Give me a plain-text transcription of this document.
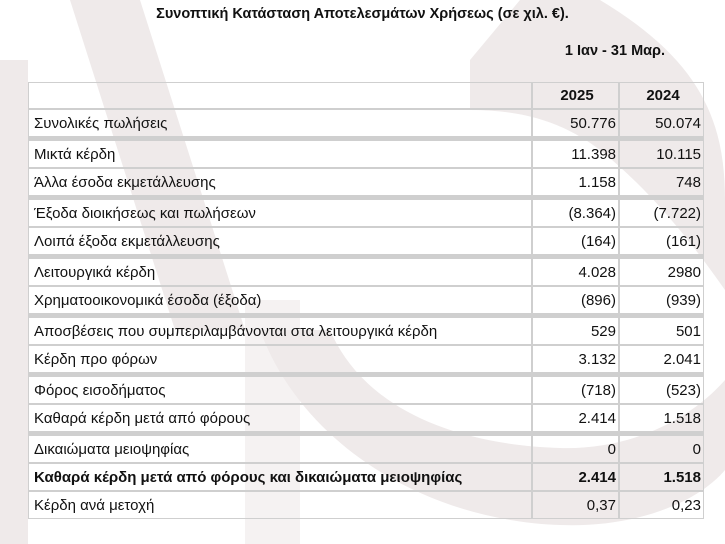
Συνοπτική Κατάσταση Αποτελεσμάτων Χρήσεως (σε χιλ. €).
1 Ιαν - 31 Μαρ.
	2025	2024
Συνολικές πωλήσεις	50.776	50.074
Μικτά κέρδη	11.398	10.115
Άλλα έσοδα εκμετάλλευσης	1.158	748
Έξοδα διοικήσεως και πωλήσεων	(8.364)	(7.722)
Λοιπά έξοδα εκμετάλλευσης	(164)	(161)
Λειτουργικά κέρδη	4.028	2980
Χρηματοοικονομικά έσοδα (έξοδα)	(896)	(939)
Αποσβέσεις που συμπεριλαμβάνονται στα λειτουργικά κέρδη	529	501
Κέρδη προ φόρων	3.132	2.041
Φόρος εισοδήματος	(718)	(523)
Καθαρά κέρδη μετά από φόρους	2.414	1.518
Δικαιώματα μειοψηφίας	0	0
Καθαρά κέρδη μετά από φόρους και δικαιώματα μειοψηφίας	2.414	1.518
Κέρδη ανά μετοχή	0,37	0,23
